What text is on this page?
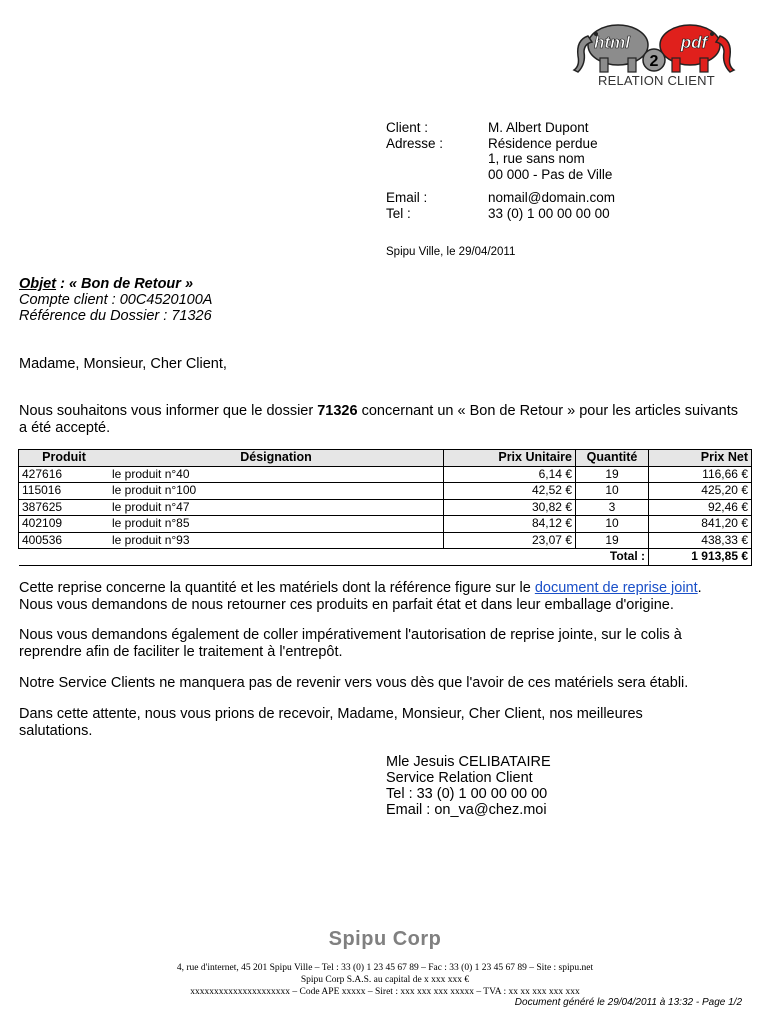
2
html	pdf
RELATION CLIENT
Client :	M. Albert Dupont
Adresse :	Résidence perdue
1, rue sans nom
00 000 - Pas de Ville

Email :	nomail@domain.com
Tel :	33 (0) 1 00 00 00 00
Spipu Ville, le 29/04/2011
Objet : « Bon de Retour »
Compte client : 00C4520100A
Référence du Dossier : 71326
Madame, Monsieur, Cher Client,
Nous souhaitons vous informer que le dossier 71326 concernant un « Bon de Retour » pour les articles suivants a été accepté.
Produit	Désignation	Prix Unitaire	Quantité	Prix Net
427616	le produit n°40	6,14 €	19	116,66 €
115016	le produit n°100	42,52 €	10	425,20 €
387625	le produit n°47	30,82 €	3	92,46 €
402109	le produit n°85	84,12 €	10	841,20 €
400536	le produit n°93	23,07 €	19	438,33 €
			Total :	1 913,85 €
Cette reprise concerne la quantité et les matériels dont la référence figure sur le document de reprise joint.
Nous vous demandons de nous retourner ces produits en parfait état et dans leur emballage d'origine.
Nous vous demandons également de coller impérativement l'autorisation de reprise jointe, sur le colis à reprendre afin de faciliter le traitement à l'entrepôt.
Notre Service Clients ne manquera pas de revenir vers vous dès que l'avoir de ces matériels sera établi.
Dans cette attente, nous vous prions de recevoir, Madame, Monsieur, Cher Client, nos meilleures salutations.
Mle Jesuis CELIBATAIRE
Service Relation Client
Tel : 33 (0) 1 00 00 00 00
Email : on_va@chez.moi
Spipu Corp
4, rue d'internet, 45 201 Spipu Ville – Tel : 33 (0) 1 23 45 67 89 – Fac : 33 (0) 1 23 45 67 89 – Site : spipu.net
Spipu Corp S.A.S. au capital de x xxx xxx €
xxxxxxxxxxxxxxxxxxxxx – Code APE xxxxx – Siret : xxx xxx xxx xxxxx – TVA : xx xx xxx xxx xxx
Document généré le 29/04/2011 à 13:32 - Page 1/2
